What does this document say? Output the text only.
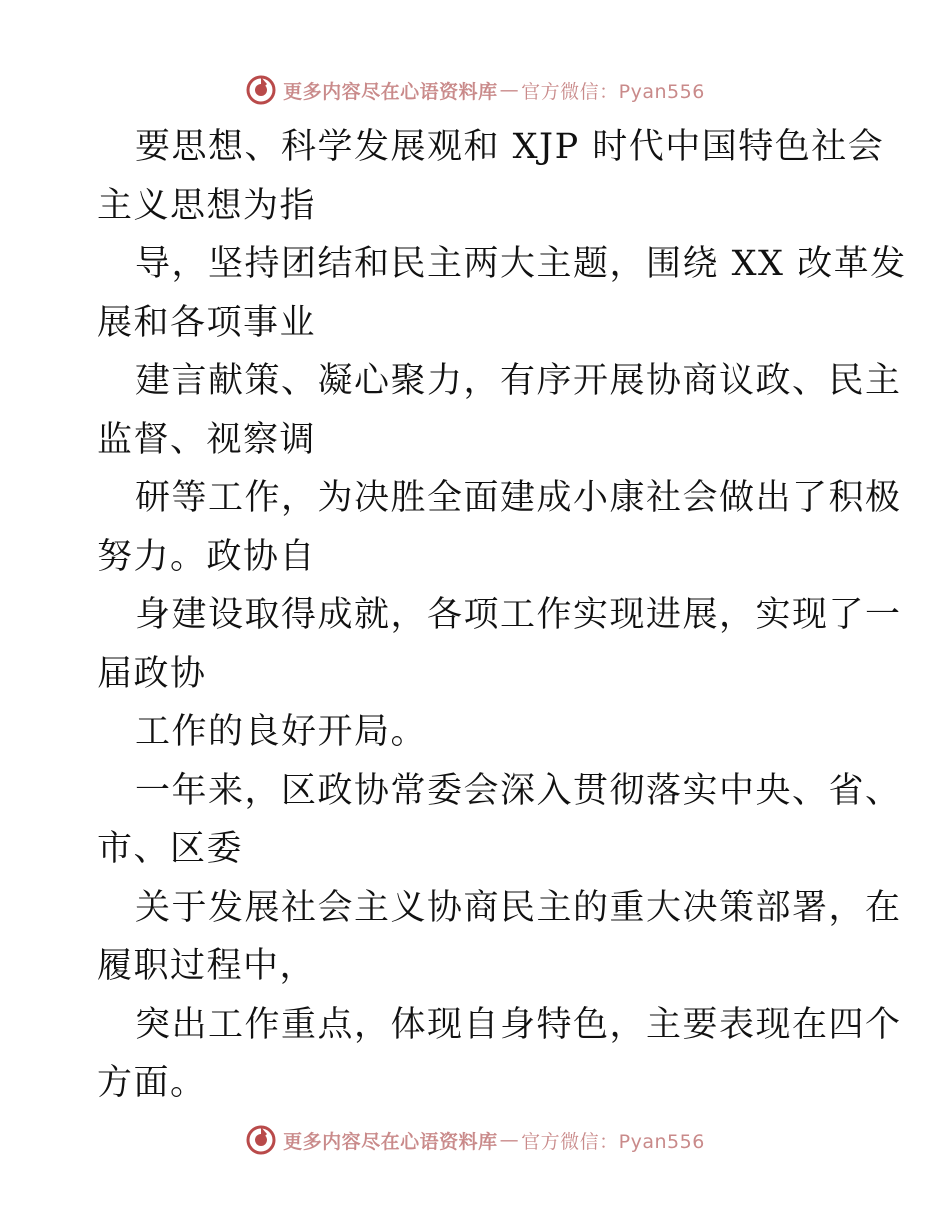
更多内容尽在心语资料库 — 官方微信：Pyan556
要思想、科学发展观和 XJP 时代中国特色社会
主义思想为指
导，坚持团结和民主两大主题，围绕 XX 改革发
展和各项事业
建言献策、凝心聚力，有序开展协商议政、民主
监督、视察调
研等工作，为决胜全面建成小康社会做出了积极
努力。政协自
身建设取得成就，各项工作实现进展，实现了一
届政协
工作的良好开局。
一年来，区政协常委会深入贯彻落实中央、省、
市、区委
关于发展社会主义协商民主的重大决策部署，在
履职过程中，
突出工作重点，体现自身特色，主要表现在四个
方面。
更多内容尽在心语资料库 — 官方微信：Pyan556
